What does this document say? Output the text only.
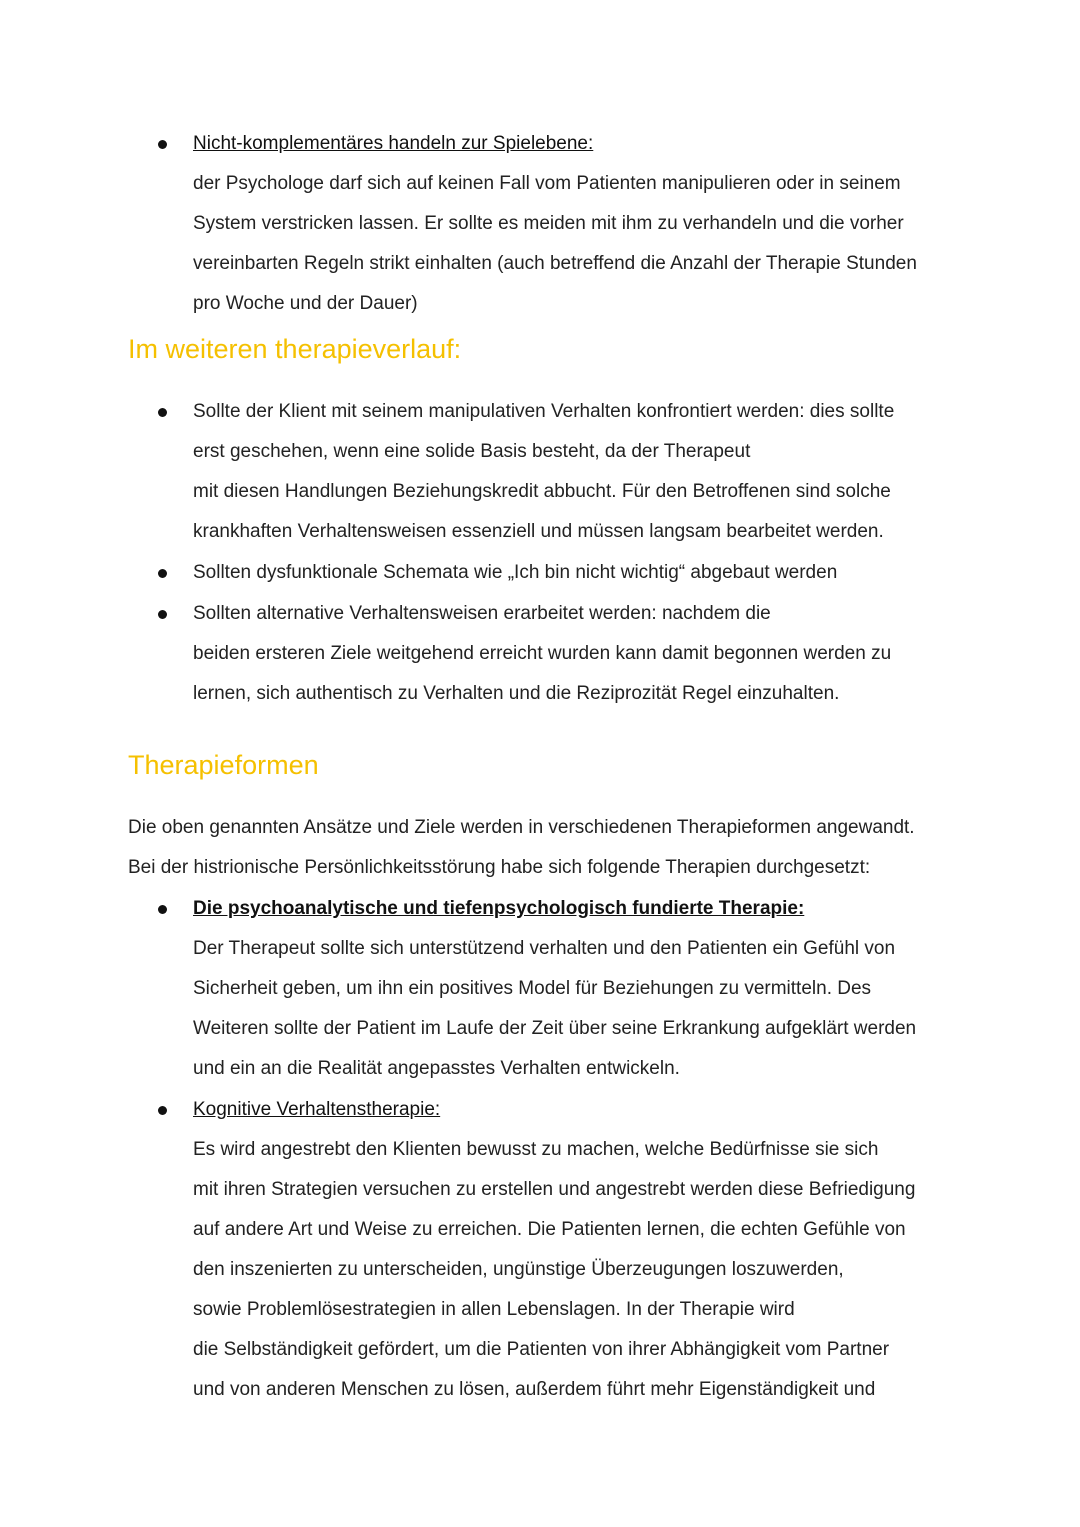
Nicht-komplementäres handeln zur Spielebene:
der Psychologe darf sich auf keinen Fall vom Patienten manipulieren oder in seinem
System verstricken lassen. Er sollte es meiden mit ihm zu verhandeln und die vorher
vereinbarten Regeln strikt einhalten (auch betreffend die Anzahl der Therapie Stunden
pro Woche und der Dauer)
Im weiteren therapieverlauf:
Sollte der Klient mit seinem manipulativen Verhalten konfrontiert werden: dies sollte
erst geschehen, wenn eine solide Basis besteht, da der Therapeut
mit diesen Handlungen Beziehungskredit abbucht. Für den Betroffenen sind solche
krankhaften Verhaltensweisen essenziell und müssen langsam bearbeitet werden.
Sollten dysfunktionale Schemata wie „Ich bin nicht wichtig“ abgebaut werden
Sollten alternative Verhaltensweisen erarbeitet werden: nachdem die
beiden ersteren Ziele weitgehend erreicht wurden kann damit begonnen werden zu
lernen, sich authentisch zu Verhalten und die Reziprozität Regel einzuhalten.
Therapieformen
Die oben genannten Ansätze und Ziele werden in verschiedenen Therapieformen angewandt.
Bei der histrionische Persönlichkeitsstörung habe sich folgende Therapien durchgesetzt:
Die psychoanalytische und tiefenpsychologisch fundierte Therapie:
Der Therapeut sollte sich unterstützend verhalten und den Patienten ein Gefühl von
Sicherheit geben, um ihn ein positives Model für Beziehungen zu vermitteln. Des
Weiteren sollte der Patient im Laufe der Zeit über seine Erkrankung aufgeklärt werden
und ein an die Realität angepasstes Verhalten entwickeln.
Kognitive Verhaltenstherapie:
Es wird angestrebt den Klienten bewusst zu machen, welche Bedürfnisse sie sich
mit ihren Strategien versuchen zu erstellen und angestrebt werden diese Befriedigung
auf andere Art und Weise zu erreichen. Die Patienten lernen, die echten Gefühle von
den inszenierten zu unterscheiden, ungünstige Überzeugungen loszuwerden,
sowie Problemlösestrategien in allen Lebenslagen. In der Therapie wird
die Selbständigkeit gefördert, um die Patienten von ihrer Abhängigkeit vom Partner
und von anderen Menschen zu lösen, außerdem führt mehr Eigenständigkeit und
